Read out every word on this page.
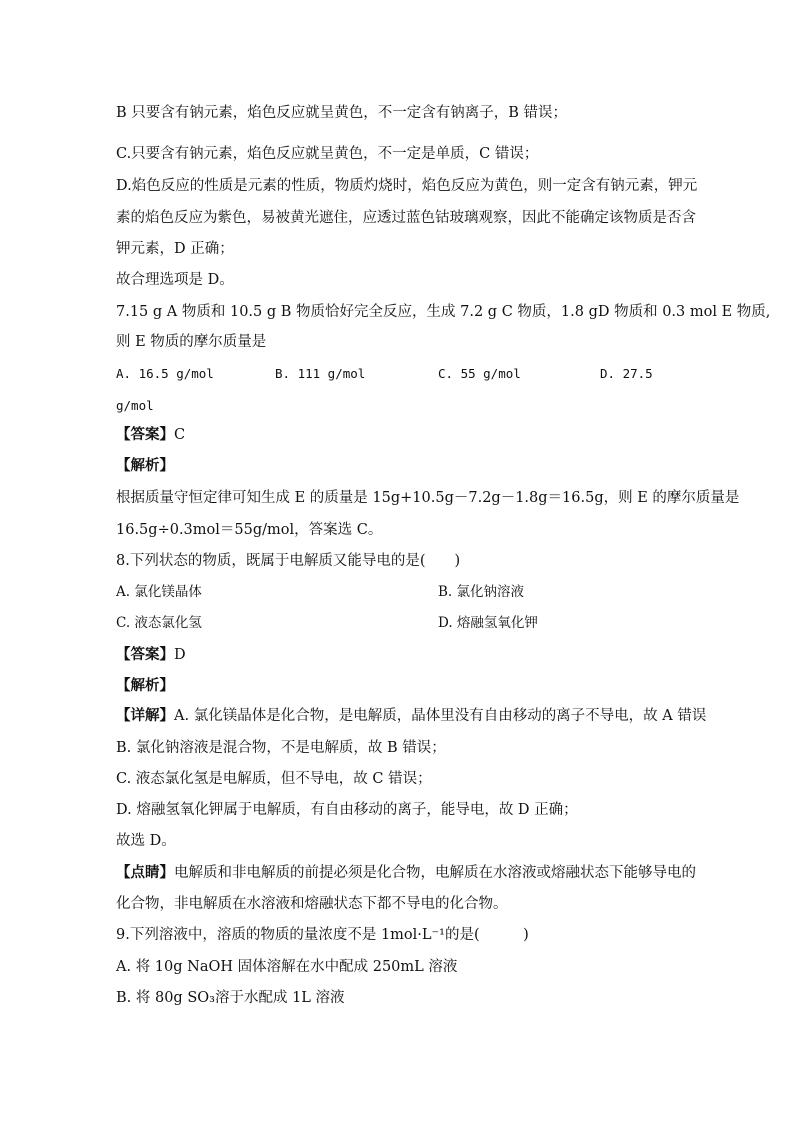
B 只要含有钠元素，焰色反应就呈黄色，不一定含有钠离子，B 错误；
C.只要含有钠元素，焰色反应就呈黄色，不一定是单质，C 错误；
D.焰色反应的性质是元素的性质，物质灼烧时，焰色反应为黄色，则一定含有钠元素，钾元
素的焰色反应为紫色，易被黄光遮住，应透过蓝色钴玻璃观察，因此不能确定该物质是否含
钾元素，D 正确；
故合理选项是 D。
7.15 g A 物质和 10.5 g B 物质恰好完全反应，生成 7.2 g C 物质，1.8 gD 物质和 0.3 mol E 物质,
则 E 物质的摩尔质量是
A. 16.5 g/mol	B. 111 g/mol	C. 55 g/mol	D. 27.5
g/mol
【答案】C
【解析】
根据质量守恒定律可知生成 E 的质量是 15g+10.5g－7.2g－1.8g＝16.5g，则 E 的摩尔质量是
16.5g÷0.3mol＝55g/mol，答案选 C。
8.下列状态的物质，既属于电解质又能导电的是(　　)
A. 氯化镁晶体	B. 氯化钠溶液
C. 液态氯化氢	D. 熔融氢氧化钾
【答案】D
【解析】
【详解】A. 氯化镁晶体是化合物，是电解质，晶体里没有自由移动的离子不导电，故 A 错误
B. 氯化钠溶液是混合物，不是电解质，故 B 错误；
C. 液态氯化氢是电解质，但不导电，故 C 错误；
D. 熔融氢氧化钾属于电解质，有自由移动的离子，能导电，故 D 正确；
故选 D。
【点睛】电解质和非电解质的前提必须是化合物，电解质在水溶液或熔融状态下能够导电的
化合物，非电解质在水溶液和熔融状态下都不导电的化合物。
9.下列溶液中，溶质的物质的量浓度不是 1mol·L⁻¹的是(　　　)
A. 将 10g NaOH 固体溶解在水中配成 250mL 溶液
B. 将 80g SO₃溶于水配成 1L 溶液
